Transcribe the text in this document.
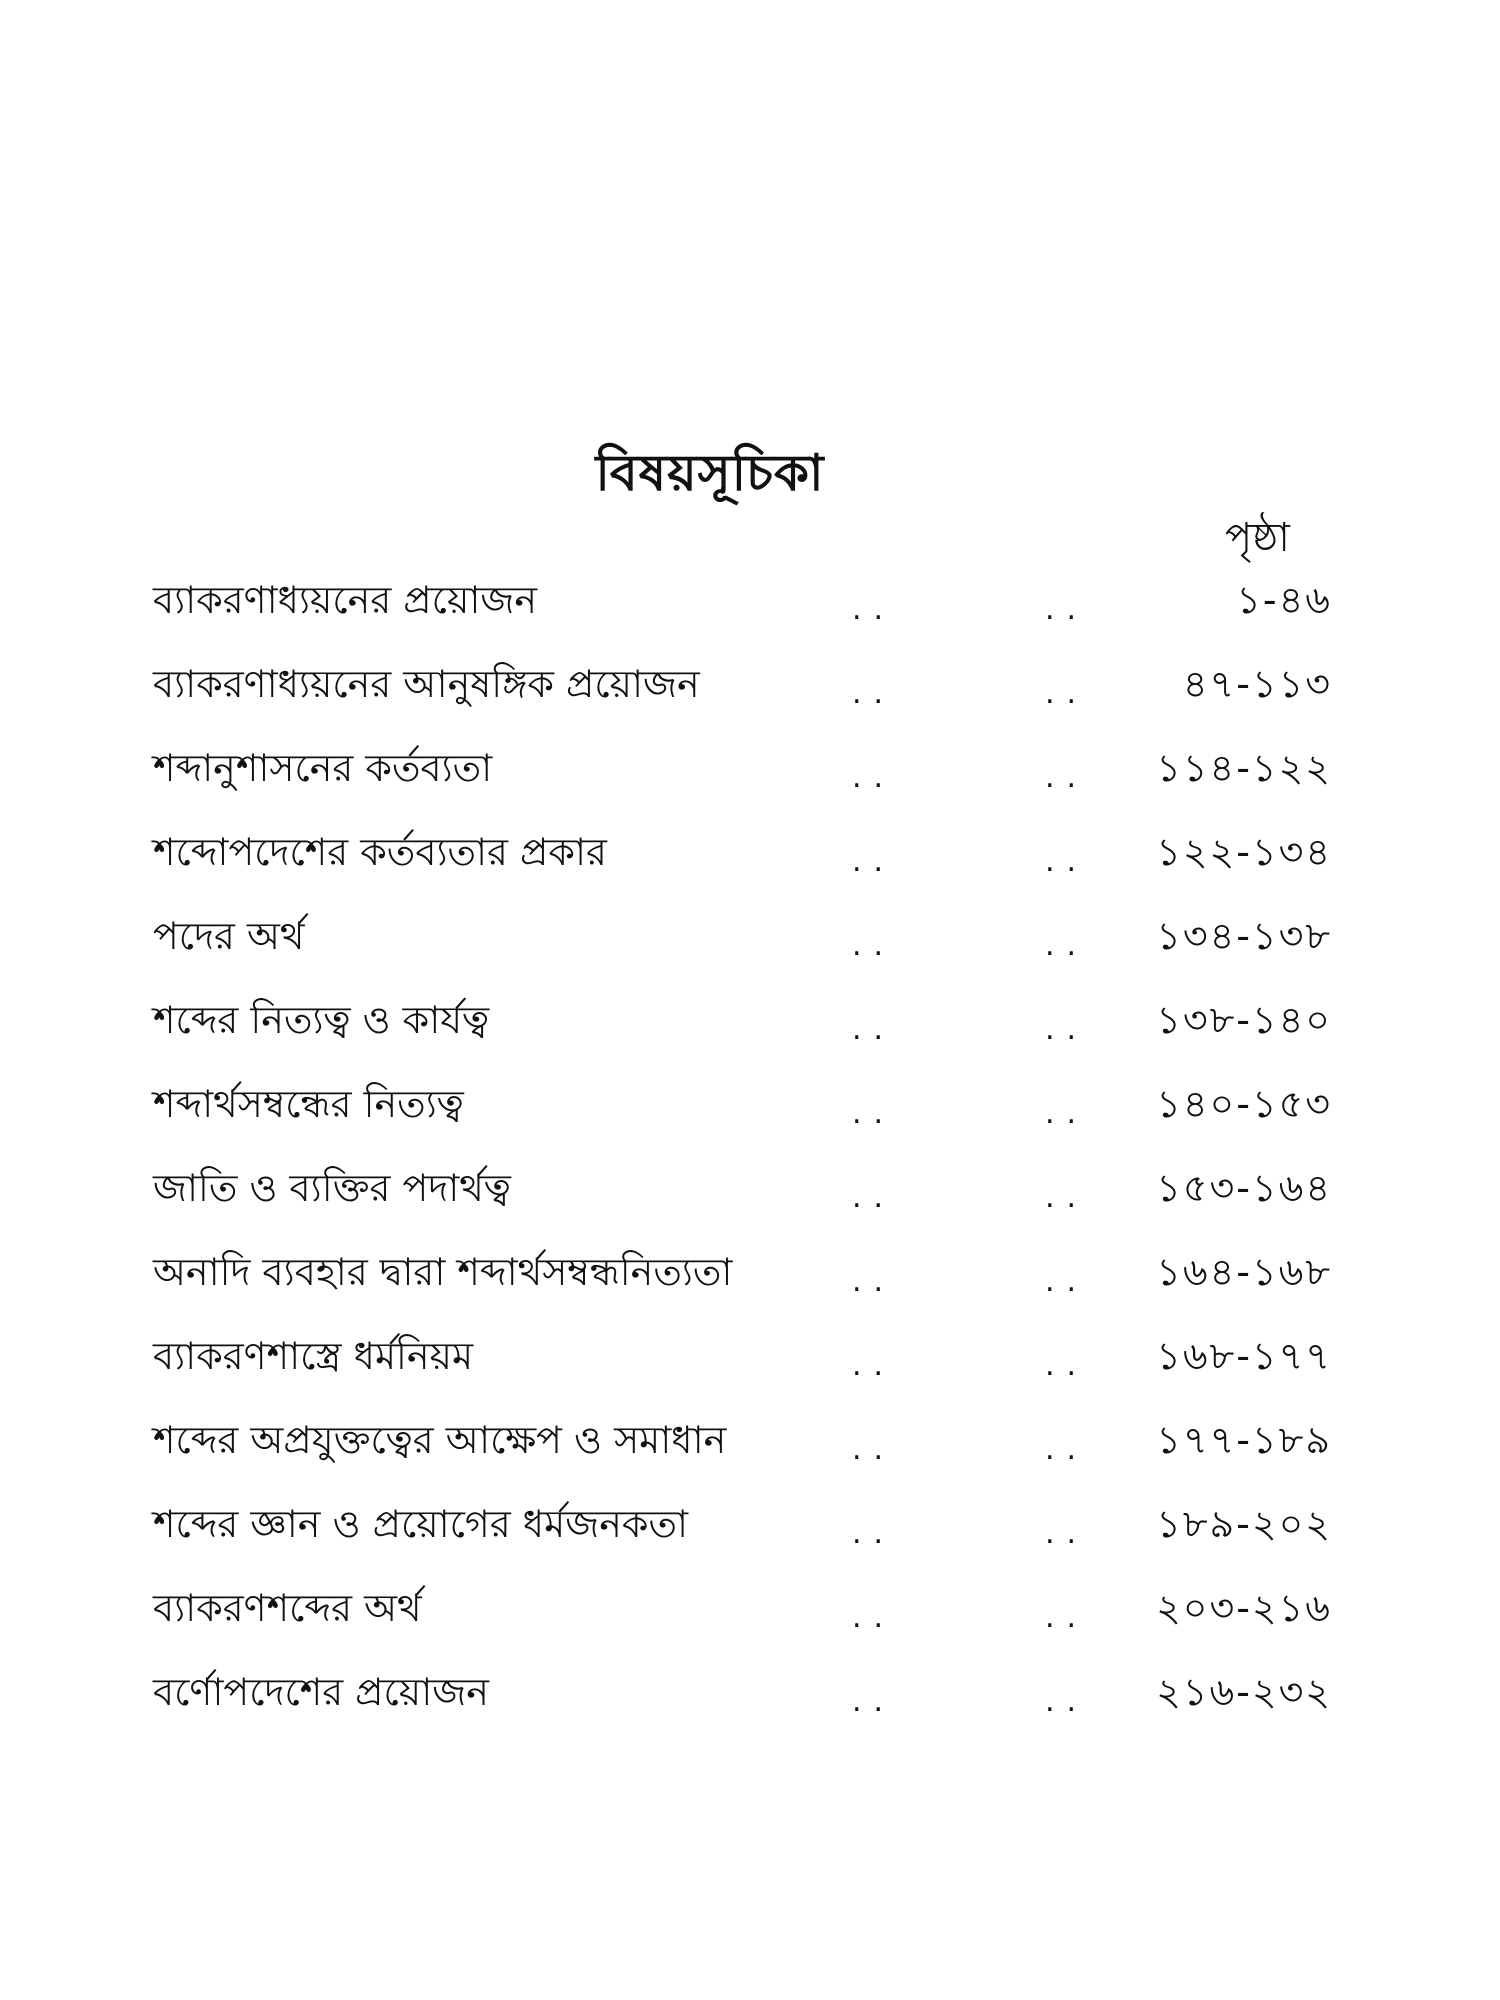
বিষয়সূচিকা
পৃষ্ঠা
ব্যাকরণাধ্যয়নের প্রয়োজন	..	..	১-৪৬
ব্যাকরণাধ্যয়নের আনুষঙ্গিক প্রয়োজন	..	.. ৪৭-১১৩
শব্দানুশাসনের কর্তব্যতা	..	.. ১১৪-১২২
শব্দোপদেশের কর্তব্যতার প্রকার	..	.. ১২২-১৩৪
পদের অর্থ	..	.. ১৩৪-১৩৮
শব্দের নিত্যত্ব ও কার্যত্ব	..	.. ১৩৮-১৪০
শব্দার্থসম্বন্ধের নিত্যত্ব	..	.. ১৪০-১৫৩
জাতি ও ব্যক্তির পদার্থত্ব	..	.. ১৫৩-১৬৪
অনাদি ব্যবহার দ্বারা শব্দার্থসম্বন্ধনিত্যতা	..	.. ১৬৪-১৬৮
ব্যাকরণশাস্ত্রে ধর্মনিয়ম	..	.. ১৬৮-১৭৭
শব্দের অপ্রযুক্তত্বের আক্ষেপ ও সমাধান	..	.. ১৭৭-১৮৯
শব্দের জ্ঞান ও প্রয়োগের ধর্মজনকতা	..	.. ১৮৯-২০২
ব্যাকরণশব্দের অর্থ	..	.. ২০৩-২১৬
বর্ণোপদেশের প্রয়োজন	..	.. ২১৬-২৩২
